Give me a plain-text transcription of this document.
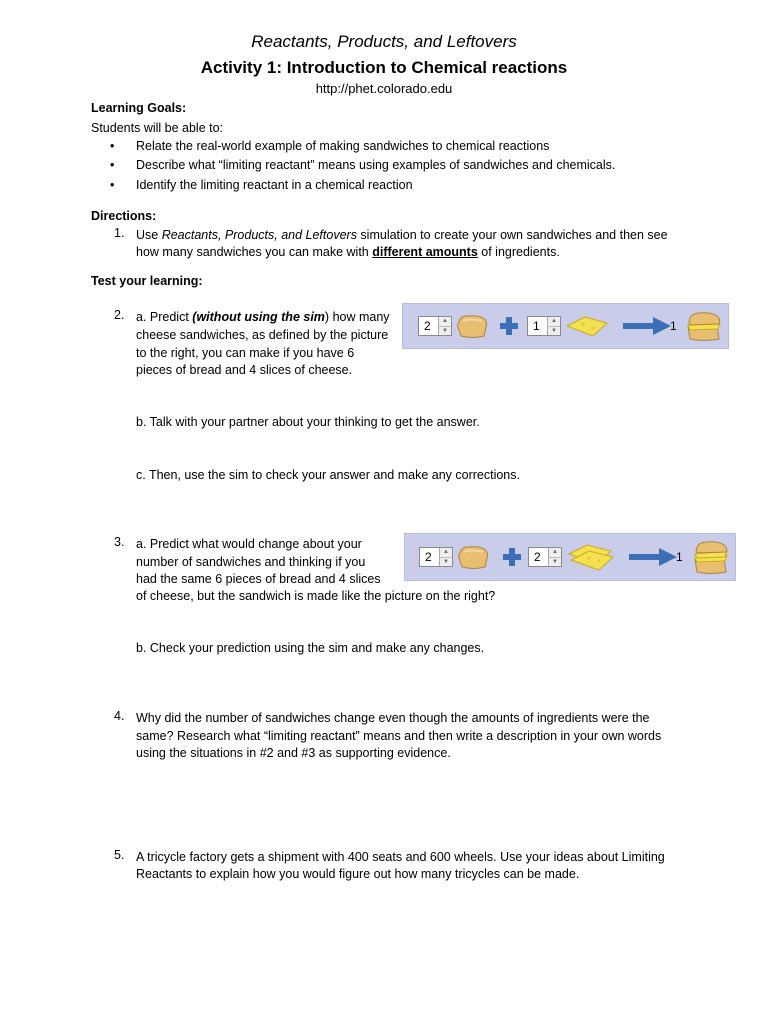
Reactants, Products, and Leftovers
Activity 1: Introduction to Chemical reactions
http://phet.colorado.edu
Learning Goals:
Students will be able to:
• Relate the real-world example of making sandwiches to chemical reactions
• Describe what “limiting reactant” means using examples of sandwiches and chemicals.
• Identify the limiting reactant in a chemical reaction
Directions:
1. Use Reactants, Products, and Leftovers simulation to create your own sandwiches and then see
how many sandwiches you can make with different amounts of ingredients.
Test your learning:
2. a. Predict (without using the sim) how many
cheese sandwiches, as defined by the picture
to the right, you can make if you have 6
pieces of bread and 4 slices of cheese.
2	▲
▼	1	▲
▼	1
b. Talk with your partner about your thinking to get the answer.
c. Then, use the sim to check your answer and make any corrections.
3. a. Predict what would change about your
number of sandwiches and thinking if you
had the same 6 pieces of bread and 4 slices
of cheese, but the sandwich is made like the picture on the right?
2	▲
▼	2	▲
▼	1
b. Check your prediction using the sim and make any changes.
4. Why did the number of sandwiches change even though the amounts of ingredients were the
same? Research what “limiting reactant” means and then write a description in your own words
using the situations in #2 and #3 as supporting evidence.
5. A tricycle factory gets a shipment with 400 seats and 600 wheels. Use your ideas about Limiting
Reactants to explain how you would figure out how many tricycles can be made.
